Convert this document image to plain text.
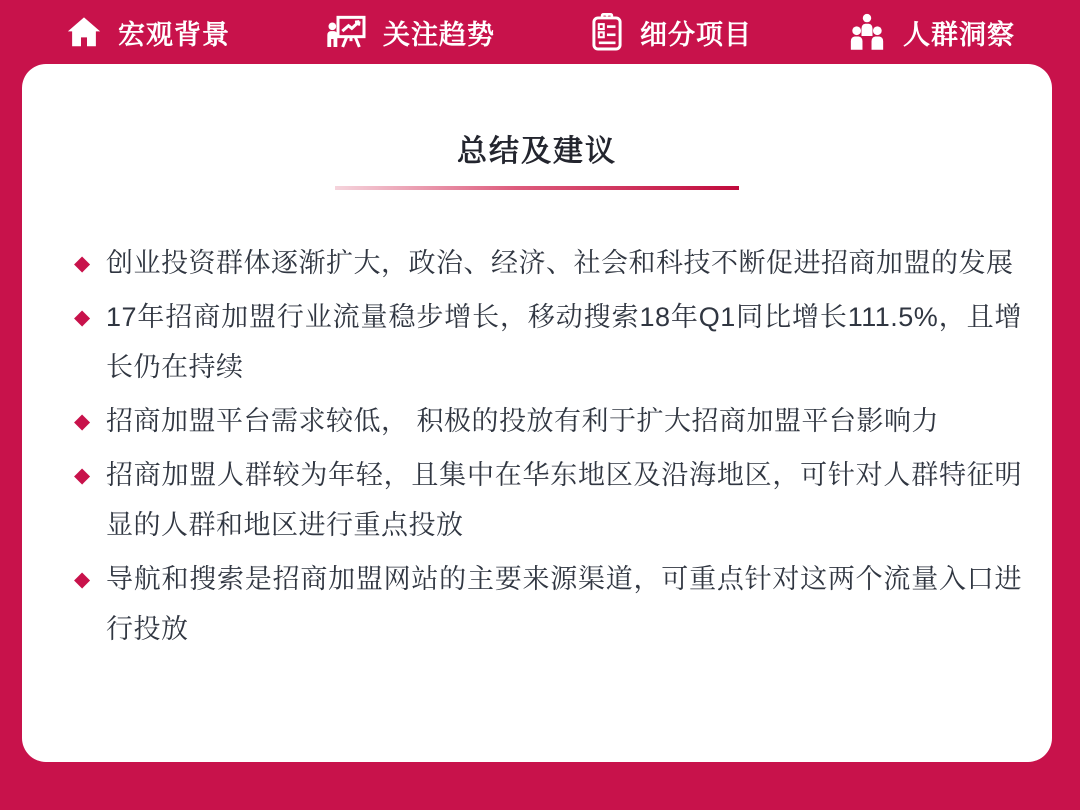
宏观背景	关注趋势	细分项目	人群洞察
总结及建议
◆ 创业投资群体逐渐扩大，政治、经济、社会和科技不断促进招商加盟的发展
◆ 17年招商加盟行业流量稳步增长，移动搜索18年Q1同比增长111.5%，且增长仍在持续
◆ 招商加盟平台需求较低， 积极的投放有利于扩大招商加盟平台影响力
◆ 招商加盟人群较为年轻，且集中在华东地区及沿海地区，可针对人群特征明显的人群和地区进行重点投放
◆ 导航和搜索是招商加盟网站的主要来源渠道，可重点针对这两个流量入口进行投放
